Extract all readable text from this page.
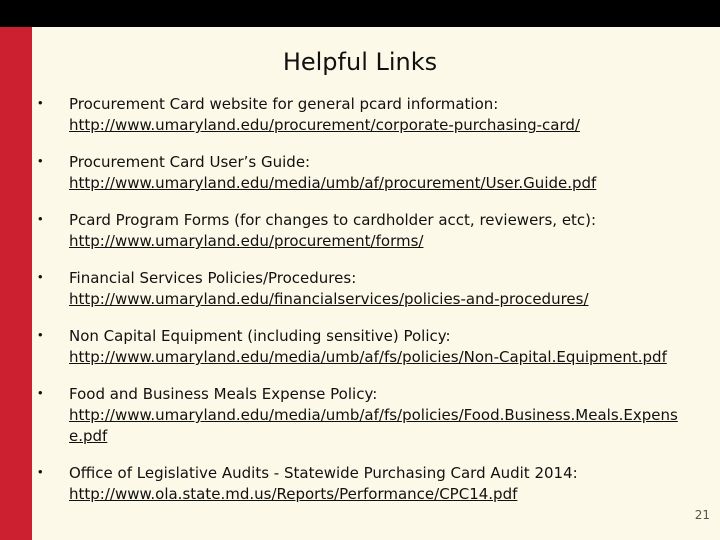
Helpful Links
• Procurement Card website for general pcard information:
http://www.umaryland.edu/procurement/corporate-purchasing-card/
• Procurement Card User’s Guide:
http://www.umaryland.edu/media/umb/af/procurement/User.Guide.pdf
• Pcard Program Forms (for changes to cardholder acct, reviewers, etc):
http://www.umaryland.edu/procurement/forms/
• Financial Services Policies/Procedures:
http://www.umaryland.edu/financialservices/policies-and-procedures/
• Non Capital Equipment (including sensitive) Policy:
http://www.umaryland.edu/media/umb/af/fs/policies/Non-Capital.Equipment.pdf
• Food and Business Meals Expense Policy:
http://www.umaryland.edu/media/umb/af/fs/policies/Food.Business.Meals.Expense.pdf
• Office of Legislative Audits - Statewide Purchasing Card Audit 2014:
http://www.ola.state.md.us/Reports/Performance/CPC14.pdf
21
